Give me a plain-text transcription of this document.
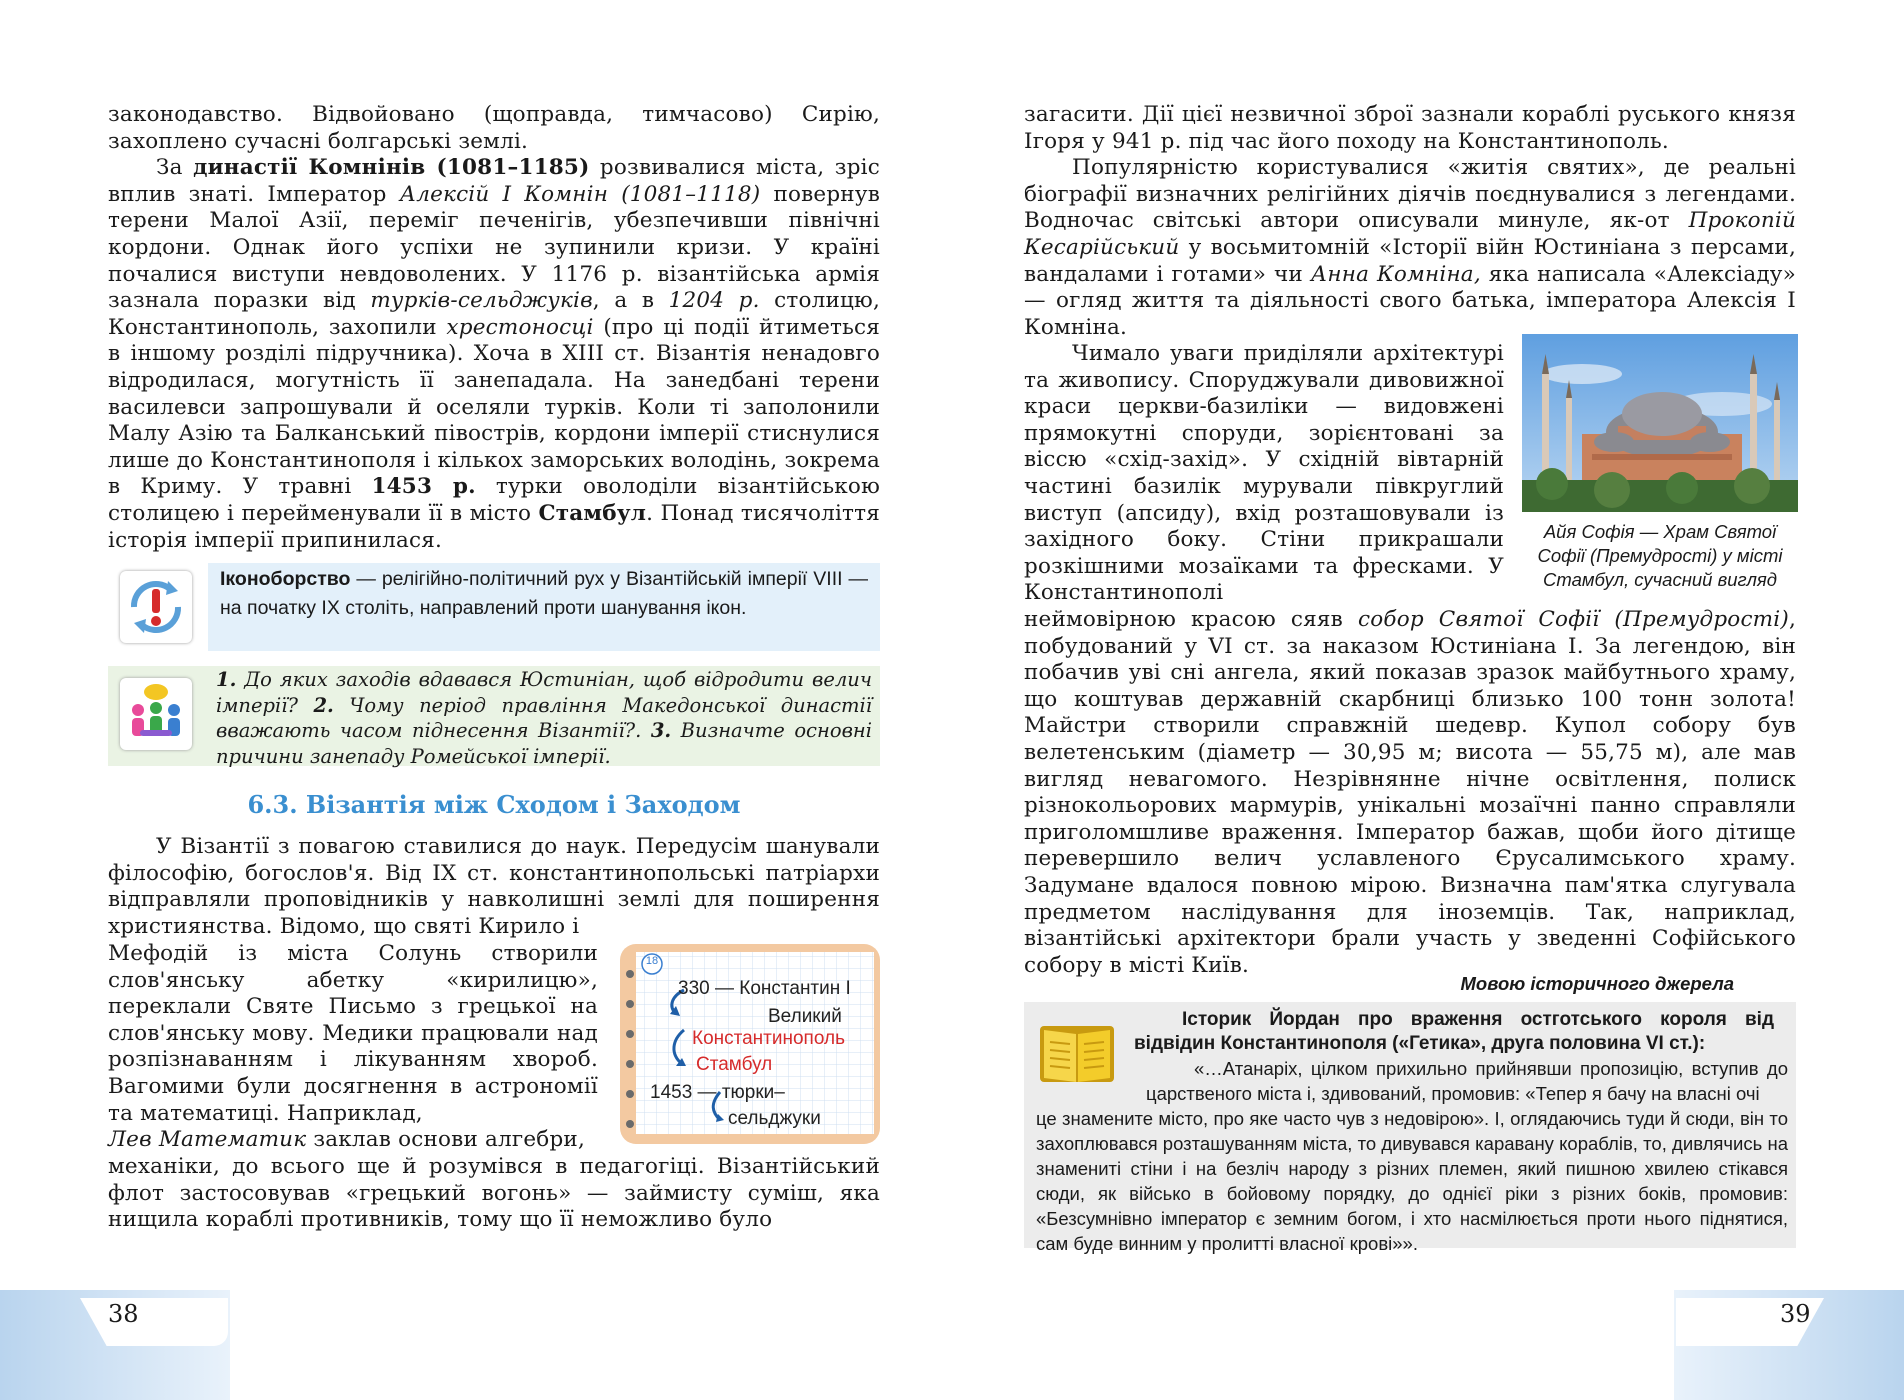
законодавство. Відвойовано (щоправда, тимчасово) Сирію, захоплено сучасні болгарські землі.

За династії Комнінів (1081–1185) розвивалися міста, зріс вплив знаті. Імператор Алексій І Комнін (1081–1118) повернув терени Малої Азії, переміг печенігів, убезпечивши північні кордони. Однак його успіхи не зупинили кризи. У країні почалися виступи невдоволених. У 1176 р. візантійська армія зазнала поразки від турків-сельджуків, а в 1204 р. столицю, Константинополь, захопили хрестоносці (про ці події йтиметься в іншому розділі підручника). Хоча в ХІІІ ст. Візантія ненадовго відродилася, могутність її занепадала. На занедбані терени василевси запрошували й оселяли турків. Коли ті заполонили Малу Азію та Балканський півострів, кордони імперії стиснулися лише до Константинополя і кількох заморських володінь, зокрема в Криму. У травні 1453 р. турки оволоділи візантійською столицею і перейменували її в місто Стамбул. Понад тисячоліття історія імперії припинилася.

Іконоборство — релігійно-політичний рух у Візантійській імперії VIII — на початку IX століть, направлений проти шанування ікон.
1. До яких заходів вдавався Юстиніан, щоб відродити велич імперії? 2. Чому період правління Македонської династії вважають часом піднесення Візантії?. 3. Визначте основні причини занепаду Ромейської імперії.
6.3. Візантія між Сходом і Заходом

У Візантії з повагою ставилися до наук. Передусім шанували філософію, богослов'я. Від IX ст. константинопольські патріархи відправляли проповідників у навколишні землі для поширення християнства. Відомо, що святі Кирило і

Мефодій із міста Солунь створили слов'янську абетку «кирилицю», переклали Святе Письмо з грецької на слов'янську мову. Медики працювали над розпізнаванням і лікуванням хвороб. Вагомими були досягнення в астрономії та математиці. Наприклад,
Лев Математик заклав основи алгебри,

механіки, до всього ще й розумівся в педагогіці. Візантійський флот застосовував «грецький вогонь» — займисту суміш, яка нищила кораблі противників, тому що її неможливо було

18
330 — Константин І
Великий
Константинополь
Стамбул
1453 — тюрки–
сельджуки
38

загасити. Дії цієї незвичної зброї зазнали кораблі руського князя Ігоря у 941 р. під час його походу на Константинополь.

Популярністю користувалися «житія святих», де реальні біографії визначних релігійних діячів поєднувалися з легендами. Водночас світські автори описували минуле, як-от Прокопій Кесарійський у восьмитомній «Історії війн Юстиніана з персами, вандалами і готами» чи Анна Комніна, яка написала «Алексіаду» — огляд життя та діяльності свого батька, імператора Алексія І Комніна.

Чимало уваги приділяли архітектурі та живопису. Споруджували дивовижної краси церкви-базиліки — видовжені прямокутні споруди, зорієнтовані за віссю «схід-захід». У східній вівтарній частині базилік мурували півкруглий виступ (апсиду), вхід розташовували із західного боку. Стіни прикрашали розкішними мозаїками та фресками. У Константинополі

неймовірною красою сяяв собор Святої Софії (Премудрості), побудований у VI ст. за наказом Юстиніана I. За легендою, він побачив уві сні ангела, який показав зразок майбутнього храму, що коштував державній скарбниці близько 100 тонн золота! Майстри створили справжній шедевр. Купол собору був велетенським (діаметр — 30,95 м; висота — 55,75 м), але мав вигляд невагомого. Незрівнянне нічне освітлення, полиск різнокольорових мармурів, унікальні мозаїчні панно справляли приголомшливе враження. Імператор бажав, щоби його дітище перевершило велич уславленого Єрусалимського храму. Задумане вдалося повною мірою. Визначна пам'ятка слугувала предметом наслідування для іноземців. Так, наприклад, візантійські архітектори брали участь у зведенні Софійського собору в місті Київ.

Айя Софія — Храм Святої Софії (Премудрості) у місті Стамбул, сучасний вигляд
Мовою історичного джерела
Історик Йордан про враження остготського короля від відвідин Константинополя («Гетика», друга половина VI ст.):
«…Атанаріх, цілком прихильно прийнявши пропозицію, вступив до царственого міста і, здивований, промовив: «Тепер я бачу на власні очі
це знамените місто, про яке часто чув з недовірою». І, оглядаючись туди й сюди, він то захоплювався розташуванням міста, то дивувався каравану кораблів, то, дивлячись на знамениті стіни і на безліч народу з різних племен, який пишною хвилею стікався сюди, як військо в бойовому порядку, до однієї ріки з різних боків, промовив: «Безсумнівно імператор є земним богом, і хто насмілюється проти нього піднятися, сам буде винним у пролитті власної крові»».
39
